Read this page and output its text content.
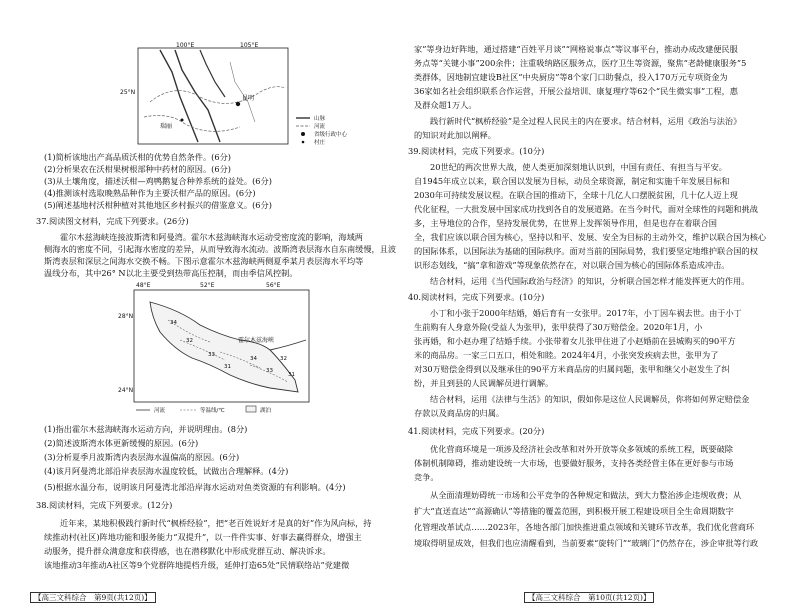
100°E	105°E
25°N
瑞丽
昆明
山脉
河流
省级行政中心
村庄
(1)简析该地出产高品质沃柑的优势自然条件。(6分)
(2)分析果农在沃柑果树根部种中药材的原因。(6分)
(3)从土壤角度，描述沃柑—鸡鸭鹅复合种养系统的益处。(6分)
(4)推测该村选取晚熟品种作为主要沃柑产品的原因。(6分)
(5)阐述基地村沃柑种植对其他地区乡村振兴的借鉴意义。(6分)
37.阅读图文材料，完成下列要求。(26分)
霍尔木兹海峡连接波斯湾和阿曼湾。霍尔木兹海峡海水运动受密度流的影响，海域两
侧海水的密度不同，引起海水密度的差异，从而导致海水流动。波斯湾表层海水自东南缓慢，且波
斯湾表层和深层之间海水交换不畅。下图示意霍尔木兹海峡两侧夏季某月表层海水平均等
温线分布，其中26° N以北主要受到热带高压控制，而由季信风控制。
48°E	52°E	56°E
28°N
24°N
霍尔木兹海峡
34
32
33
31
34
33
32
31
河流	等温线/℃	湖泊
(1)指出霍尔木兹海峡海水运动方向，并说明理由。(8分)
(2)简述波斯湾水体更新缓慢的原因。(6分)
(3)分析夏季月波斯湾内表层海水温偏高的原因。(6分)
(4)该月阿曼湾北部沿岸表层海水温度较低，试做出合理解释。(4分)
(5)根据水温分布，说明该月阿曼湾北部沿岸海水运动对鱼类资源的有利影响。(4分)
38.阅读材料，完成下列要求。(12分)
近年来，某地积极践行新时代“枫桥经验”，把“老百姓说好才是真的好”作为风向标，持
续推动村(社区)阵地功能和服务能力“双提升”，以一件件实事、好事去赢得群众，增强主
动服务，提升群众满意度和获得感，也在潜移默化中形成党群互动、解决诉求。
该地推动3年推动A社区等9个党群阵地提档升级，延伸打造65处“民情联络站”党建微
【高三文科综合　第9页(共12页)】
家”等身边好阵地，通过搭建“百姓平月谈”“网格说事点”等议事平台，推动办成改建便民服
务点等“关键小事”200余件；注重吸纳路区服务点，医疗卫生等资源，聚焦“老龄健康服务”5
类群体，因地制宜建设B社区“中央厨房”等8个家门口助餐点，投入170万元专项资金为
36家如名社会组织联系合作运营，开展公益培训、康复理疗等62个“民生微实事”工程，惠
及群众超1万人。
践行新时代“枫桥经验”是全过程人民民主的内在要求。结合材料，运用《政治与法治》
的知识对此加以阐释。
39.阅读材料，完成下列要求。(10分)
20世纪的两次世界大战，使人类更加深刻地认识到，中国有责任、有担当与平安。
自1945年成立以来，联合国以发展为目标，动员全球资源，制定和实施千年发展目标和
2030年可持续发展议程。在联合国的推动下，全球十几亿人口摆脱贫困，几十亿人迈上现
代化征程，一大批发展中国家成功找到各自的发展道路。在当今时代，面对全球性的问题和挑战
多，主导地位的合作，坚持发展优势，在世界上发挥领导作用，但是也存在着联合国
全，我们应该以联合国为核心，坚持以和平、发展、安全为目标的主动外交，维护以联合国为核心
的国际体系，以国际法为基础的国际秩序。面对当前的国际局势，我们要坚定地维护联合国的权
识形态划线，“搞”拿和游戏”等现象依然存在，对以联合国为核心的国际体系造成冲击。
结合材料，运用《当代国际政治与经济》的知识，分析联合国怎样才能发挥更大的作用。
40.阅读材料，完成下列要求。(10分)
小丁和小张于2000年结婚，婚后育有一女张甲。2017年，小丁因车祸去世。由于小丁
生前购有人身意外险(受益人为张甲)，张甲获得了30万赔偿金。2020年1月，小
张再婚，和小赵办理了结婚手续。小张带着女儿张甲住进了小赵婚前在县城购买的90平方
米的商品房。一家三口五口，相处和睦。2024年4月，小张突发疾病去世，张甲为了
对30万赔偿金得到以及继承住的90平方米商品房的归属问题，张甲和继父小赵发生了纠
纷，并且到县的人民调解员进行调解。
结合材料，运用《法律与生活》的知识，假如你是这位人民调解员，你将如何界定赔偿金
存款以及商品房的归属。
41.阅读材料，完成下列要求。(20分)
优化营商环境是一项涉及经济社会改革和对外开放等众多领域的系统工程，既要破除
体制机制障碍，推动建设统一大市场，也要做好服务，支持各类经营主体在更好参与市场
竞争。
从全面清理妨碍统一市场和公平竞争的各种规定和做法，到大力整治涉企违规收费；从
扩大“直送直达”“高源确认”等措施的覆盖范围，到积极开展工程建设项目全生命周期数字
化管理改革试点……2023年，各地各部门加快推进重点领域和关键环节改革，我们优化营商环
境取得明显成效，但我们也应清醒看到，当前要素“旋转门”“玻璃门”仍然存在，涉企审批等行政
【高三文科综合　第10页(共12页)】
